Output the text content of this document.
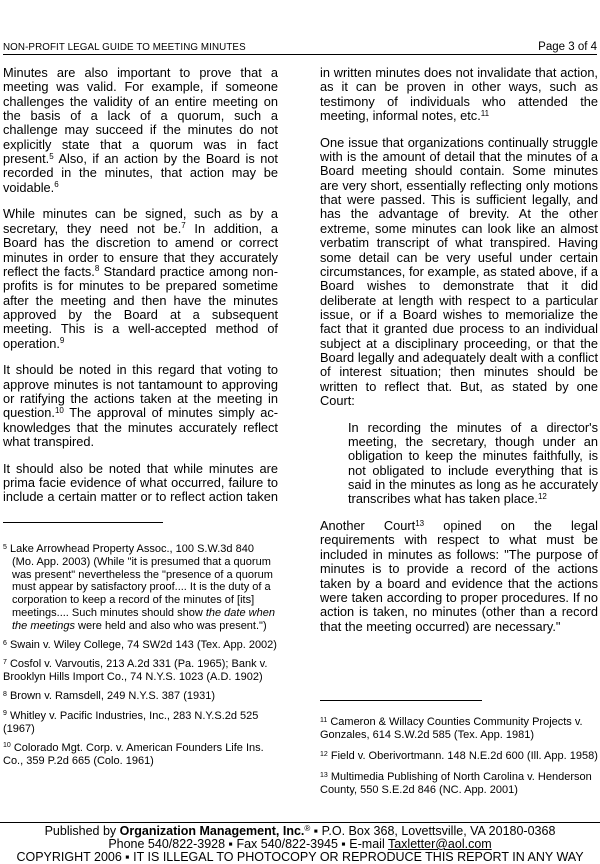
NON-PROFIT LEGAL GUIDE TO MEETING MINUTES	Page 3 of 4

Minutes are also important to prove that a meeting was valid. For example, if someone challenges the validity of an entire meeting on the basis of a lack of a quorum, such a challenge may succeed if the minutes do not explicitly state that a quorum was in fact present.$^5$ Also, if an action by the Board is not recorded in the minutes, that action may be voidable.$^6$

While minutes can be signed, such as by a secretary, they need not be.$^7$ In addition, a Board has the discretion to amend or correct minutes in order to ensure that they accurately reflect the facts.$^8$ Standard practice among non-profits is for minutes to be prepared sometime after the meeting and then have the minutes approved by the Board at a subsequent meeting. This is a well-accepted method of operation.$^9$

It should be noted in this regard that voting to approve minutes is not tantamount to approving or ratifying the actions taken at the meeting in question.$^{10}$ The approval of minutes simply ac-knowledges that the minutes accurately reflect what transpired.

It should also be noted that while minutes are prima facie evidence of what occurred, failure to include a certain matter or to reflect action taken

in written minutes does not invalidate that action, as it can be proven in other ways, such as testimony of individuals who attended the meeting, informal notes, etc.$^{11}$

One issue that organizations continually struggle with is the amount of detail that the minutes of a Board meeting should contain. Some minutes are very short, essentially reflecting only motions that were passed. This is sufficient legally, and has the advantage of brevity. At the other extreme, some minutes can look like an almost verbatim transcript of what transpired. Having some detail can be very useful under certain circumstances, for example, as stated above, if a Board wishes to demonstrate that it did deliberate at length with respect to a particular issue, or if a Board wishes to memorialize the fact that it granted due process to an individual subject at a disciplinary proceeding, or that the Board legally and adequately dealt with a conflict of interest situation; then minutes should be written to reflect that. But, as stated by one Court:

In recording the minutes of a director's meeting, the secretary, though under an obligation to keep the minutes faithfully, is not obligated to include everything that is said in the minutes as long as he accurately transcribes what has taken place.$^{12}$

Another Court$^{13}$ opined on the legal requirements with respect to what must be included in minutes as follows: "The purpose of minutes is to provide a record of the actions taken by a board and evidence that the actions were taken according to proper procedures. If no action is taken, no minutes (other than a record that the meeting occurred) are necessary."

$^5$ Lake Arrowhead Property Assoc., 100 S.W.3d 840 (Mo. App. 2003) (While "it is presumed that a quorum was present" nevertheless the "presence of a quorum must appear by satisfactory proof.... It is the duty of a corporation to keep a record of the minutes of [its] meetings.... Such minutes should show the date when the meetings were held and also who was present.")
$^6$ Swain v. Wiley College, 74 SW2d 143 (Tex. App. 2002)
$^7$ Cosfol v. Varvoutis, 213 A.2d 331 (Pa. 1965); Bank v. Brooklyn Hills Import Co., 74 N.Y.S. 1023 (A.D. 1902)
$^8$ Brown v. Ramsdell, 249 N.Y.S. 387 (1931)
$^9$ Whitley v. Pacific Industries, Inc., 283 N.Y.S.2d 525 (1967)
$^{10}$ Colorado Mgt. Corp. v. American Founders Life Ins. Co., 359 P.2d 665 (Colo. 1961)
$^{11}$ Cameron & Willacy Counties Community Projects v. Gonzales, 614 S.W.2d 585 (Tex. App. 1981)
$^{12}$ Field v. Oberivortmann. 148 N.E.2d 600 (Ill. App. 1958)
$^{13}$ Multimedia Publishing of North Carolina v. Henderson County, 550 S.E.2d 846 (NC. App. 2001)
Published by Organization Management, Inc.® ▪ P.O. Box 368, Lovettsville, VA 20180-0368
Phone 540/822-3928 ▪ Fax 540/822-3945 ▪ E-mail Taxletter@aol.com
COPYRIGHT 2006 ▪ IT IS ILLEGAL TO PHOTOCOPY OR REPRODUCE THIS REPORT IN ANY WAY
